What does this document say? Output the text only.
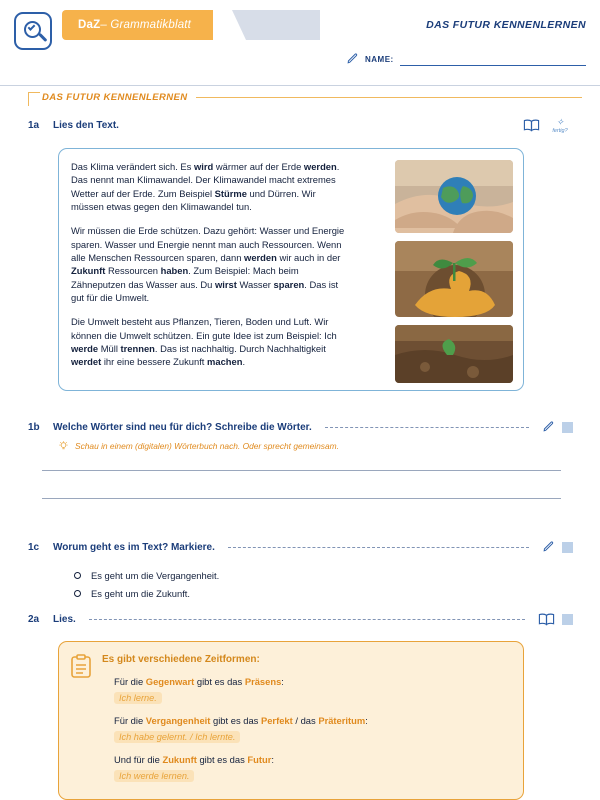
DaZ – Grammatikblatt	DAS FUTUR KENNENLERNEN
NAME:
DAS FUTUR KENNENLERNEN
1a	Lies den Text.	✧
fertig?

Das Klima verändert sich. Es wird wärmer auf der Erde werden. Das nennt man Klimawandel. Der Klimawandel macht extremes Wetter auf der Erde. Zum Beispiel Stürme und Dürren. Wir müssen etwas gegen den Klimawandel tun.

Wir müssen die Erde schützen. Dazu gehört: Wasser und Energie sparen. Wasser und Energie nennt man auch Ressourcen. Wenn alle Menschen Ressourcen sparen, dann werden wir auch in der Zukunft Ressourcen haben. Zum Beispiel: Mach beim Zähneputzen das Wasser aus. Du wirst Wasser sparen. Das ist gut für die Umwelt.

Die Umwelt besteht aus Pflanzen, Tieren, Boden und Luft. Wir können die Umwelt schützen. Ein gute Idee ist zum Beispiel: Ich werde Müll trennen. Das ist nachhaltig. Durch Nachhaltigkeit werdet ihr eine bessere Zukunft machen.

1b	Welche Wörter sind neu für dich? Schreibe die Wörter.
Schau in einem (digitalen) Wörterbuch nach. Oder sprecht gemeinsam.
1c	Worum geht es im Text? Markiere.
Es geht um die Vergangenheit.
Es geht um die Zukunft.
2a	Lies.
Es gibt verschiedene Zeitformen:
Für die Gegenwart gibt es das Präsens:
Ich lerne.
Für die Vergangenheit gibt es das Perfekt / das Präteritum:
Ich habe gelernt. / Ich lernte.
Und für die Zukunft gibt es das Futur:
Ich werde lernen.
